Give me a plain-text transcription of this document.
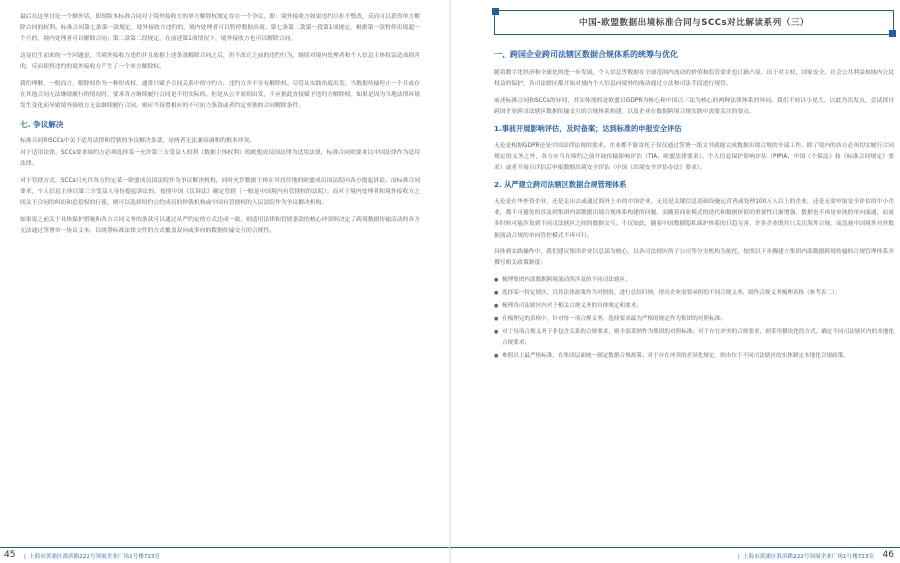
最后在这里讨论一个额外话，即现版本标准合同对于境外接收方的单方解除权规定存在一个争议，即：境外接收方如果违约且拒不整改，反而可以获得单方解除合同的权利。标准合同第七条第一款规定，境外接收方违约的，境内处理者可以暂停数据出境；第七条第二款第一段第1项规定，根据第一款暂停出境超一个月的，境内处理者可以解除合同；第二款第二段规定，在前述第1项情况下，境外接收方也可以解除合同。

这显衍生而来的一个问题是，当境外接收方违约并且依据上述条款解除合同之后，仍不改正之前的违约行为，继续对境内处理者和个人信息主体权益造成损害的，反而使得违约的境外接收方产生了一个单方解除权。

我们理解，一般而言，解除权作为一种形成权，通常只赋予合同关系中的守约方，违约方并不享有解除权。尽管从实践角度出发，当数据传输停止一个月或存在其他合同无法继续履行的情况时，要求各方继续履行合同是不切实际的。但是从公平原则出发，不应据此直接赋予违约方解除权。如果是因为当地法律环境发生变化而导致境外接收方无法继续履行合同，则应当设置相应的不可抗力条款或者约定单独的合同解除条件。

七. 争议解决

标准合同和SCCs中关于适用法律和管辖的争议解决条款，是两者无法兼容调和的根本冲突。

对于适用法律，SCCs要求缔约方必须选择某一允许第三方受益人权利（数据主体权利）的欧盟成员国法律为适用法律，标准合同则要求以中国法律作为适用法律。

对于管辖方式，SCCs只允许各方约定某一欧盟成员国法院作为争议解决机构，同时允许数据主体在其居住地的欧盟成员国法院向各方提起诉讼。而标准合同要求，个人信息主体以第三方受益人身份提起诉讼的，按照中国《民诉法》确定管辖（一般是中国境内有管辖权的法院）；而对于境内处理者和境外接收方之间关于合同的纠纷和追偿权的行使，则可以选择纽约公约成员的仲裁机构或中国有管辖权的人民法院作为争议解决机构。

如果说之前关于具体保护措施和各方合同义务的条款可以通过从严约定的方式达成一致，则适用法律和管辖条款的核心冲突则决定了跨境数据传输活动的各方无法通过签署单一协议文本，以统筹标准法律文件的方式覆盖双向或多向的数据传输交互的合规性。

45 | 上海市黄浦区淮滨路222号领展企业广场1号楼723室
中国-欧盟数据出境标准合同与SCCs对比解读系列（三）
一、跨国企业跨司法辖区数据合规体系的统筹与优化

随着数字化经济和全球化的进一步发展，个人信息等数据在全球范围内流动的价值和监管需求也日渐凸显。出于对主权、国家安全、社会公共利益和域内公民权益的保护，各司法辖区都开始对域内个人信息向境外的流动通过立法和司法手段进行规管。

前述标准合同和SCCs的异同，其实体现的是欧盟以GDPR为核心和中国以三法为核心的两种法律体系的异同。我们不妨以小见大，以此为出发点，尝试探讨跨国企业跨司法辖区数据传输交互的合规体系构建，以及企业在数据跨境合规实践中需要关注的要点。

1.事前开展影响评估，及时备案；达到标准的申报安全评估

无论是根据GDPR还是中国法律法规的要求，企业都不能寄托于仅仅通过签署一纸文书就能完成数据出境合规的全部工作。除了境内的各方必须切实履行合同规定的义务之外，各方应当在缔约之前开展传输影响评估（TIA，欧盟法律要求）、个人信息保护影响评估（PIPIA，中国《个保法》和《标准合同规定》要求）或者开展自评估后申报数据出境安全评估（中国《出境安全评估办法》要求）。

2. 从严建立跨司法辖区数据合规管理体系

无论是在华外资企业，还是走出去或通过海外上市的中国企业，无论是关键信息基础设施运营者或处理100万人以上的企业，还是无需申报安全评估的中小企业，都不可避免的涉及到集团内部数据出境合规体系构建的问题。而随着商业模式的迭代和数据价值的重要性日渐增强，数据也不再是单纯的单向流通，而更多时候可能涉及到不同司法辖区之间的数据交互。不仅如此，随着中国数据隐私保护体系的日趋完善，许多企业既往只关注海外合规，而忽视中国境外对外数据流动合规的单向管控模式不再可行。

具体到实践操作中，我们建议集团企业以总部为核心，以各司法辖区的子公司等分支机构为依托，按照以下步骤建立集团内部数据跨境传输的合规管理体系并撰写相关政策制度：

● 梳理集团内部数据跨境流动所涉及的不同司法辖区；
● 选择某一特定辖区，以其法律政策作为对照组，进行总结归纳，得出企业需要承担的不同合规义务，制作合规义务梳理表格（参考表二）；
● 梳理各司法辖区内对于相关合规义务的具体规定和要求；
● 在梳理完的表格中，针对每一项合规义务，选择要求最为严格的规定作为集团的对照标准；
● 对于每项合规义务下非包含关系的合规要求，则全部采纳作为集团的对照标准；对于存在冲突的合规要求，则采用横块化的方式，确定不同司法辖区内的本地化合规要求；
● 参照以上最严格标准，在集团层面统一制定数据合规政策；对于存在冲突的差异化规定，则由位于不同司法辖区的实体制定本地化合规政策。
| 上海市黄浦区淮滨路222号领展企业广场1号楼723室 46
